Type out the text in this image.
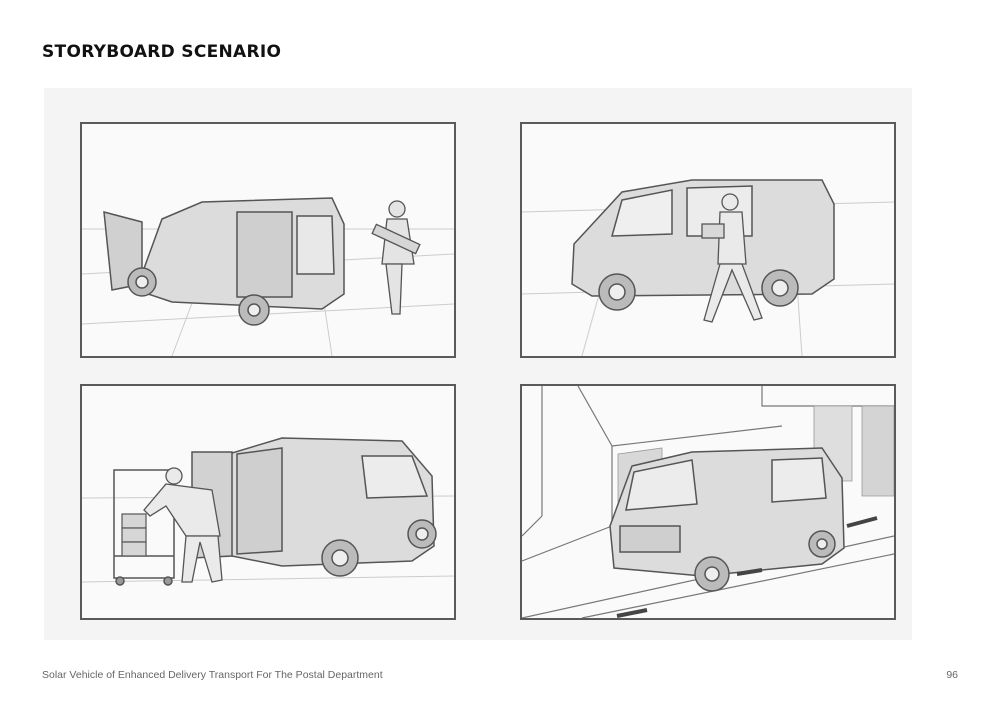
STORYBOARD SCENARIO
Solar Vehicle of Enhanced Delivery Transport For The Postal Department	96
